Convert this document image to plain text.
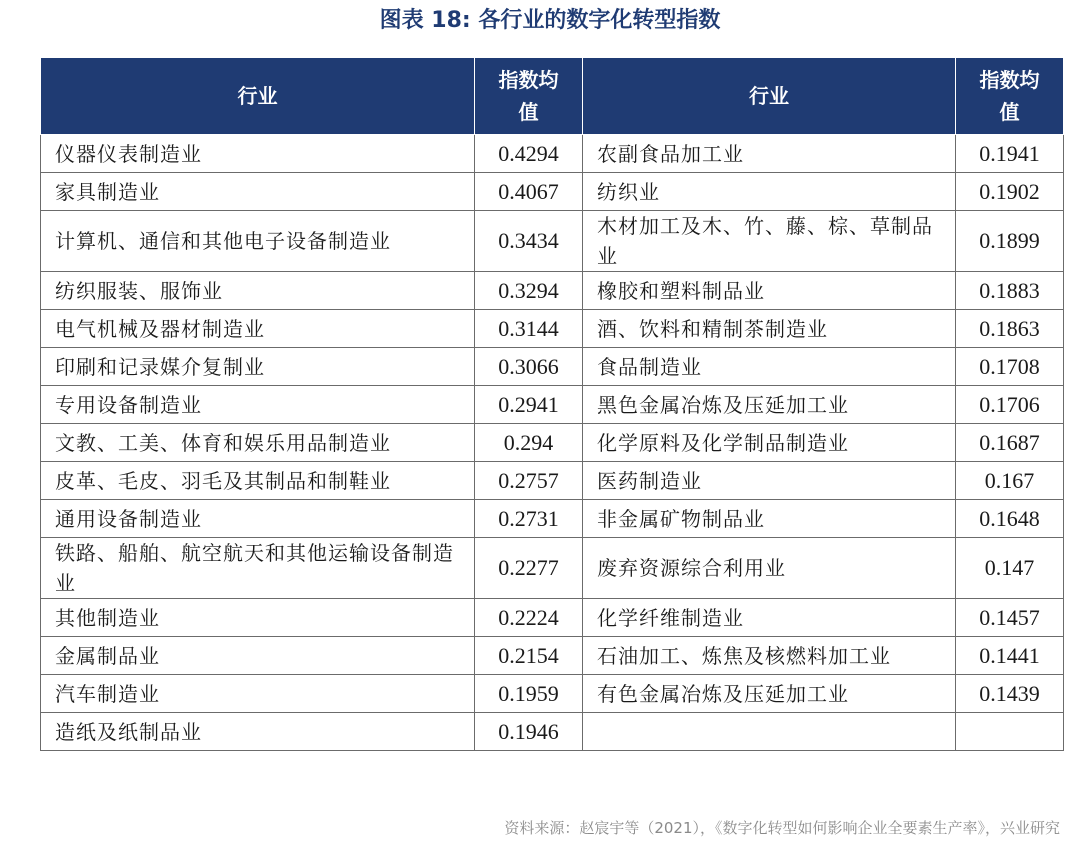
图表 18: 各行业的数字化转型指数
行业	指数均值	行业	指数均值
仪器仪表制造业	0.4294	农副食品加工业	0.1941
家具制造业	0.4067	纺织业	0.1902
计算机、通信和其他电子设备制造业	0.3434	木材加工及木、竹、藤、棕、草制品业	0.1899
纺织服装、服饰业	0.3294	橡胶和塑料制品业	0.1883
电气机械及器材制造业	0.3144	酒、饮料和精制茶制造业	0.1863
印刷和记录媒介复制业	0.3066	食品制造业	0.1708
专用设备制造业	0.2941	黑色金属冶炼及压延加工业	0.1706
文教、工美、体育和娱乐用品制造业	0.294	化学原料及化学制品制造业	0.1687
皮革、毛皮、羽毛及其制品和制鞋业	0.2757	医药制造业	0.167
通用设备制造业	0.2731	非金属矿物制品业	0.1648
铁路、船舶、航空航天和其他运输设备制造业	0.2277	废弃资源综合利用业	0.147
其他制造业	0.2224	化学纤维制造业	0.1457
金属制品业	0.2154	石油加工、炼焦及核燃料加工业	0.1441
汽车制造业	0.1959	有色金属冶炼及压延加工业	0.1439
造纸及纸制品业	0.1946		
资料来源：赵宸宇等（2021），《数字化转型如何影响企业全要素生产率》，兴业研究
